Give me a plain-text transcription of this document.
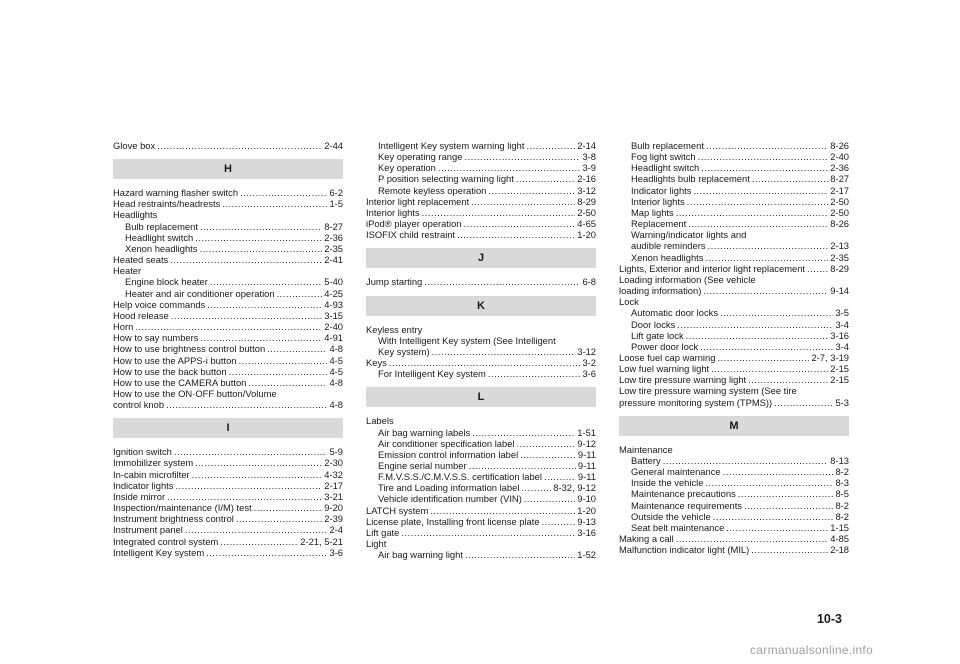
Glove box .....	2-44
H
Hazard warning flasher switch .....	6-2
Head restraints/headrests .....	1-5
Headlights
Bulb replacement .....	8-27
Headlight switch .....	2-36
Xenon headlights .....	2-35
Heated seats .....	2-41
Heater
Engine block heater .....	5-40
Heater and air conditioner operation .....	4-25
Help voice commands .....	4-93
Hood release .....	3-15
Horn .....	2-40
How to say numbers .....	4-91
How to use brightness control button .....	4-8
How to use the APPS-i button .....	4-5
How to use the back button .....	4-5
How to use the CAMERA button .....	4-8
How to use the ON·OFF button/Volume
control knob .....	4-8
I
Ignition switch .....	5-9
Immobilizer system .....	2-30
In-cabin microfilter .....	4-32
Indicator lights .....	2-17
Inside mirror .....	3-21
Inspection/maintenance (I/M) test .....	9-20
Instrument brightness control .....	2-39
Instrument panel .....	2-4
Integrated control system .....	2-21, 5-21
Intelligent Key system .....	3-6
Intelligent Key system warning light .....	2-14
Key operating range .....	3-8
Key operation .....	3-9
P position selecting warning light .....	2-16
Remote keyless operation .....	3-12
Interior light replacement .....	8-29
Interior lights .....	2-50
iPod® player operation .....	4-65
ISOFIX child restraint .....	1-20
J
Jump starting .....	6-8
K
Keyless entry
With Intelligent Key system (See Intelligent
Key system) .....	3-12
Keys .....	3-2
For Intelligent Key system .....	3-6
L
Labels
Air bag warning labels .....	1-51
Air conditioner specification label .....	9-12
Emission control information label .....	9-11
Engine serial number .....	9-11
F.M.V.S.S./C.M.V.S.S. certification label .....	9-11
Tire and Loading information label .....	8-32, 9-12
Vehicle identification number (VIN) .....	9-10
LATCH system .....	1-20
License plate, Installing front license plate .....	9-13
Lift gate .....	3-16
Light
Air bag warning light .....	1-52
Bulb replacement .....	8-26
Fog light switch .....	2-40
Headlight switch .....	2-36
Headlights bulb replacement .....	8-27
Indicator lights .....	2-17
Interior lights .....	2-50
Map lights .....	2-50
Replacement .....	8-26
Warning/indicator lights and
audible reminders .....	2-13
Xenon headlights .....	2-35
Lights, Exterior and interior light replacement .....	8-29
Loading information (See vehicle
loading information) .....	9-14
Lock
Automatic door locks .....	3-5
Door locks .....	3-4
Lift gate lock .....	3-16
Power door lock .....	3-4
Loose fuel cap warning .....	2-7, 3-19
Low fuel warning light .....	2-15
Low tire pressure warning light .....	2-15
Low tire pressure warning system (See tire
pressure monitoring system (TPMS)) .....	5-3
M
Maintenance
Battery .....	8-13
General maintenance .....	8-2
Inside the vehicle .....	8-3
Maintenance precautions .....	8-5
Maintenance requirements .....	8-2
Outside the vehicle .....	8-2
Seat belt maintenance .....	1-15
Making a call .....	4-85
Malfunction indicator light (MIL) .....	2-18
10-3
carmanualsonline.info
